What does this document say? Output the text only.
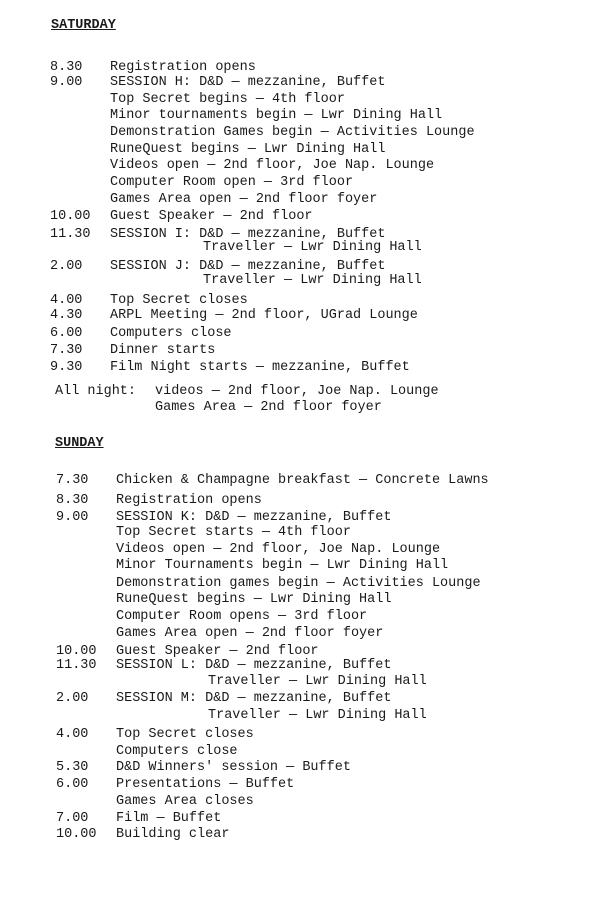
SATURDAY
8.30 Registration opens
9.00 SESSION H: D&D — mezzanine, Buffet
Top Secret begins — 4th floor
Minor tournaments begin — Lwr Dining Hall
Demonstration Games begin — Activities Lounge
RuneQuest begins — Lwr Dining Hall
Videos open — 2nd floor, Joe Nap. Lounge
Computer Room open — 3rd floor
Games Area open — 2nd floor foyer
10.00 Guest Speaker — 2nd floor
11.30 SESSION I: D&D — mezzanine, Buffet
Traveller — Lwr Dining Hall
2.00 SESSION J: D&D — mezzanine, Buffet
Traveller — Lwr Dining Hall
4.00 Top Secret closes
4.30 ARPL Meeting — 2nd floor, UGrad Lounge
6.00 Computers close
7.30 Dinner starts
9.30 Film Night starts — mezzanine, Buffet
All night: videos — 2nd floor, Joe Nap. Lounge
Games Area — 2nd floor foyer
SUNDAY
7.30 Chicken & Champagne breakfast — Concrete Lawns
8.30 Registration opens
9.00 SESSION K: D&D — mezzanine, Buffet
Top Secret starts — 4th floor
Videos open — 2nd floor, Joe Nap. Lounge
Minor Tournaments begin — Lwr Dining Hall
Demonstration games begin — Activities Lounge
RuneQuest begins — Lwr Dining Hall
Computer Room opens — 3rd floor
Games Area open — 2nd floor foyer
10.00 Guest Speaker — 2nd floor
11.30 SESSION L: D&D — mezzanine, Buffet
Traveller — Lwr Dining Hall
2.00 SESSION M: D&D — mezzanine, Buffet
Traveller — Lwr Dining Hall
4.00 Top Secret closes
Computers close
5.30 D&D Winners' session — Buffet
6.00 Presentations — Buffet
Games Area closes
7.00 Film — Buffet
10.00 Building clear
